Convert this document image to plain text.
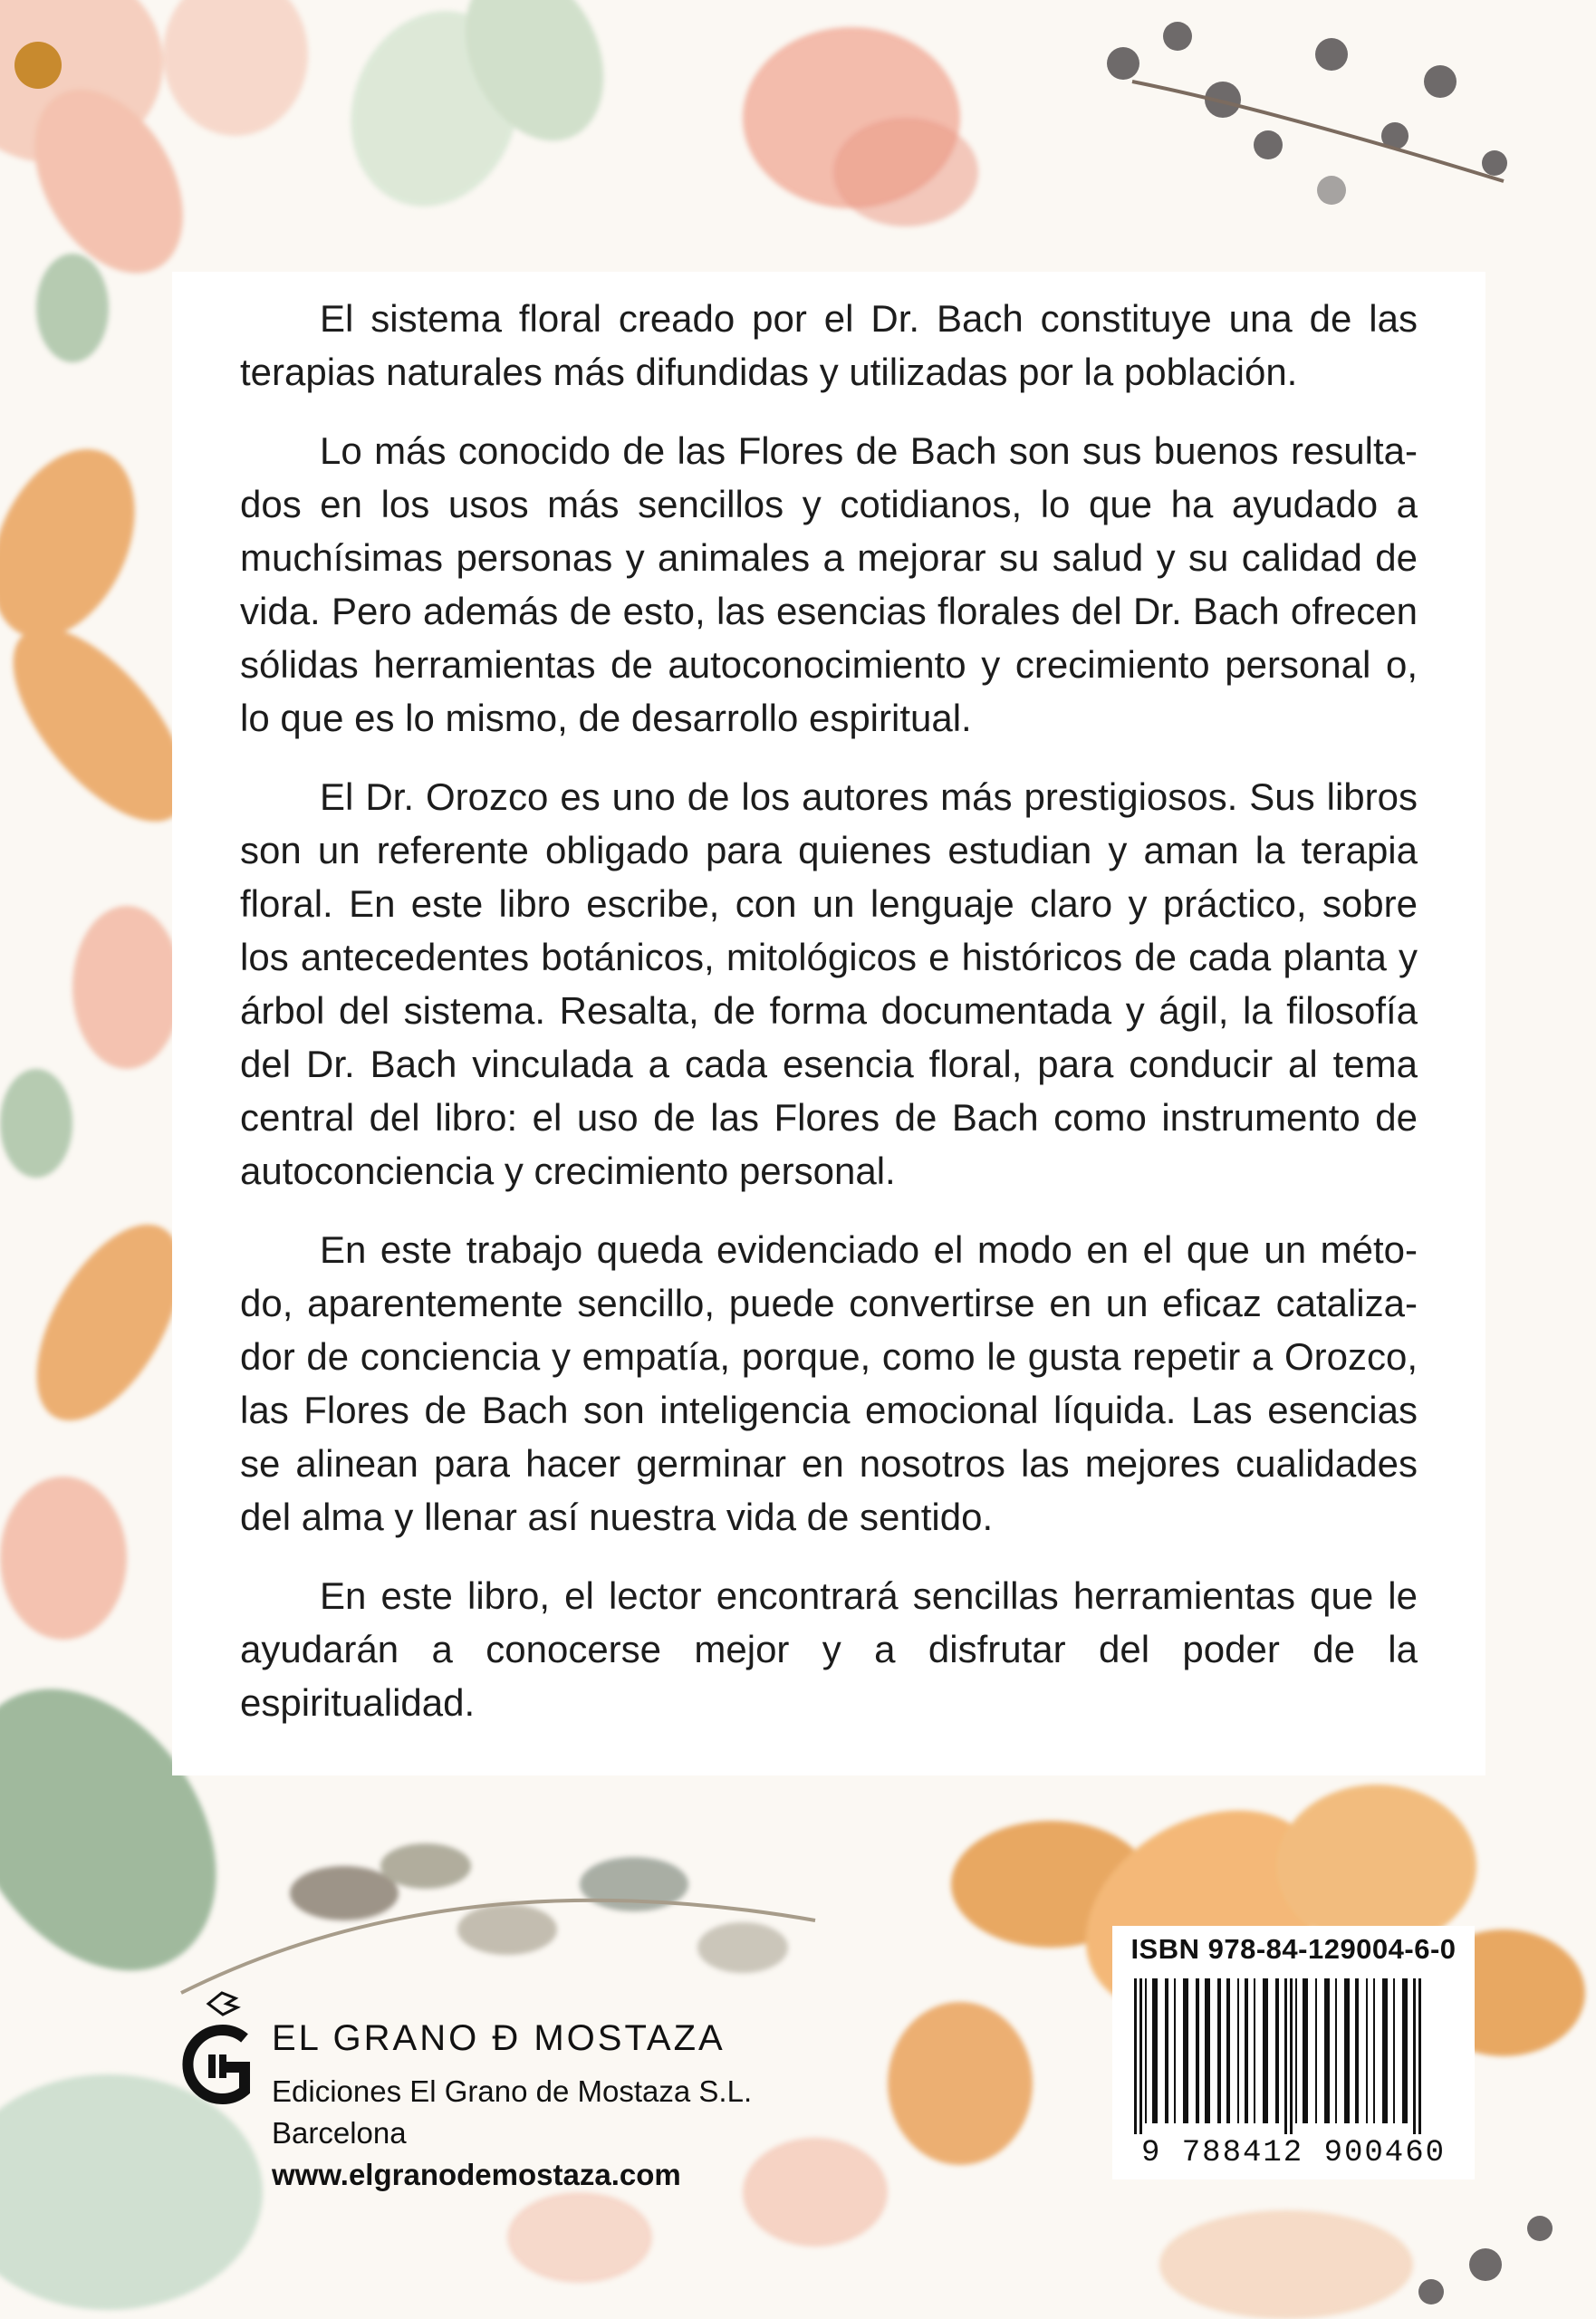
El sistema floral creado por el Dr. Bach constituye una de las terapias naturales más difundidas y utilizadas por la población.

Lo más conocido de las Flores de Bach son sus buenos resultados en los usos más sencillos y cotidianos, lo que ha ayudado a muchísimas personas y animales a mejorar su salud y su calidad de vida. Pero además de esto, las esencias florales del Dr. Bach ofrecen sólidas herramientas de autoconocimiento y crecimiento personal o, lo que es lo mismo, de desarrollo espiritual.

El Dr. Orozco es uno de los autores más prestigiosos. Sus libros son un referente obligado para quienes estudian y aman la terapia floral. En este libro escribe, con un lenguaje claro y práctico, sobre los antecedentes botánicos, mitológicos e históricos de cada planta y árbol del sistema. Resalta, de forma documentada y ágil, la filosofía del Dr. Bach vinculada a cada esencia floral, para conducir al tema central del libro: el uso de las Flores de Bach como instrumento de autoconciencia y crecimiento personal.

En este trabajo queda evidenciado el modo en el que un método, aparentemente sencillo, puede convertirse en un eficaz catalizador de conciencia y empatía, porque, como le gusta repetir a Orozco, las Flores de Bach son inteligencia emocional líquida. Las esencias se alinean para hacer germinar en nosotros las mejores cualidades del alma y llenar así nuestra vida de sentido.

En este libro, el lector encontrará sencillas herramientas que le ayudarán a conocerse mejor y a disfrutar del poder de la espiritualidad.

EL GRANO Ð MOSTAZA
Ediciones El Grano de Mostaza S.L.
Barcelona
www.elgranodemostaza.com
ISBN 978-84-129004-6-0
9 788412 900460
